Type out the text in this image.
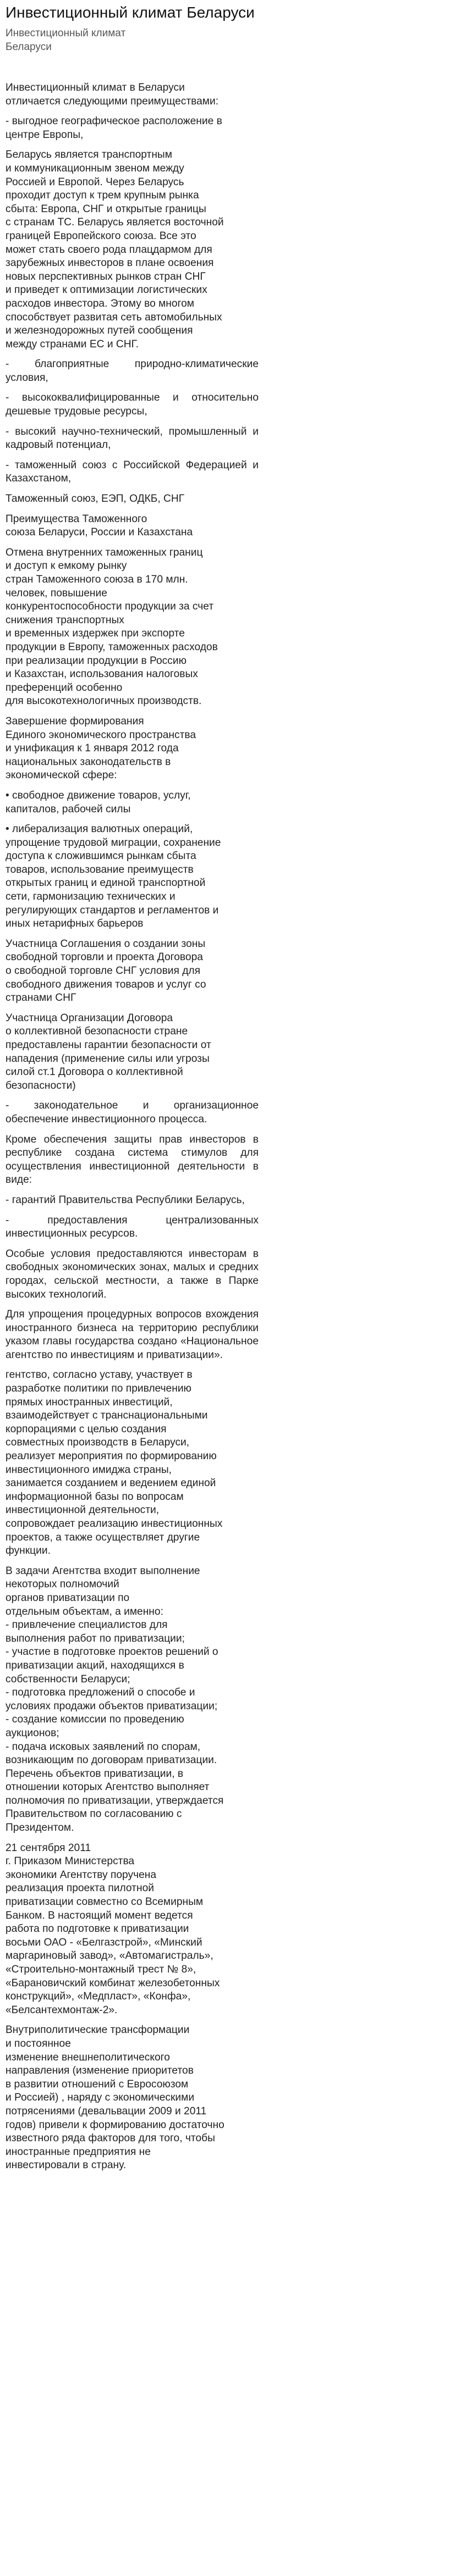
Инвестиционный климат Беларуси
Инвестиционный климат
Беларуси

Инвестиционный климат в Беларуси
отличается следующими преимуществами:

- выгодное географическое расположение в
центре Европы,

Беларусь является транспортным
и коммуникационным звеном между
Россией и Европой. Через Беларусь
проходит доступ к трем крупным рынка
сбыта: Европа, СНГ и открытые границы
с странам ТС. Беларусь является восточной
границей Европейского союза. Все это
может стать своего рода плацдармом для
зарубежных инвесторов в плане освоения
новых перспективных рынков стран СНГ
и приведет к оптимизации логистических
расходов инвестора. Этому во многом
способствует развитая сеть автомобильных
и железнодорожных путей сообщения
между странами ЕС и СНГ.

- благоприятные природно-климатические условия,

- высококвалифицированные и относительно дешевые трудовые ресурсы,

- высокий научно-технический, промышленный и кадровый потенциал,

- таможенный союз с Российской Федерацией и Казахстаном,

Таможенный союз, ЕЭП, ОДКБ, СНГ

Преимущества Таможенного
союза Беларуси, России и Казахстана

Отмена внутренних таможенных границ
и доступ к емкому рынку
стран Таможенного союза в 170 млн.
человек, повышение
конкурентоспособности продукции за счет
снижения транспортных
и временных издержек при экспорте
продукции в Европу, таможенных расходов
при реализации продукции в Россию
и Казахстан, использования налоговых
преференций особенно
для высокотехнологичных производств.

Завершение формирования
Единого экономического пространства
и унификация к 1 января 2012 года
национальных законодательств в
экономической сфере:

• свободное движение товаров, услуг,
капиталов, рабочей силы

• либерализация валютных операций,
упрощение трудовой миграции, сохранение
доступа к сложившимся рынкам сбыта
товаров, использование преимуществ
открытых границ и единой транспортной
сети, гармонизацию технических и
регулирующих стандартов и регламентов и
иных нетарифных барьеров

Участница Соглашения о создании зоны
свободной торговли и проекта Договора
о свободной торговле СНГ условия для
свободного движения товаров и услуг со
странами СНГ

Участница Организации Договора
о коллективной безопасности стране
предоставлены гарантии безопасности от
нападения (применение силы или угрозы
силой ст.1 Договора о коллективной
безопасности)

- законодательное и организационное обеспечение инвестиционного процесса.

Кроме обеспечения защиты прав инвесторов в республике создана система стимулов для осуществления инвестиционной деятельности в виде:

- гарантий Правительства Республики Беларусь,

- предоставления централизованных инвестиционных ресурсов.

Особые условия предоставляются инвесторам в свободных экономических зонах, малых и средних городах, сельской местности, а также в Парке высоких технологий.

Для упрощения процедурных вопросов вхождения иностранного бизнеса на территорию республики указом главы государства создано «Национальное агентство по инвестициям и приватизации».

гентство, согласно уставу, участвует в
разработке политики по привлечению
прямых иностранных инвестиций,
взаимодействует с транснациональными
корпорациями с целью создания
совместных производств в Беларуси,
реализует мероприятия по формированию
инвестиционного имиджа страны,
занимается созданием и ведением единой
информационной базы по вопросам
инвестиционной деятельности,
сопровождает реализацию инвестиционных
проектов, а также осуществляет другие
функции.

В задачи Агентства входит выполнение
некоторых полномочий
органов приватизации по
отдельным объектам, а именно:
- привлечение специалистов для
выполнения работ по приватизации;
- участие в подготовке проектов решений о
приватизации акций, находящихся в
собственности Беларуси;
- подготовка предложений о способе и
условиях продажи объектов приватизации;
- создание комиссии по проведению
аукционов;
- подача исковых заявлений по спорам,
возникающим по договорам приватизации.
Перечень объектов приватизации, в
отношении которых Агентство выполняет
полномочия по приватизации, утверждается
Правительством по согласованию с
Президентом.

21 сентября 2011
г. Приказом Министерства
экономики Агентству поручена
реализация проекта пилотной
приватизации совместно со Всемирным
Банком. В настоящий момент ведется
работа по подготовке к приватизации
восьми ОАО - «Белгазстрой», «Минский
маргариновый завод», «Автомагистраль»,
«Строительно-монтажный трест № 8»,
«Барановичский комбинат железобетонных
конструкций», «Медпласт», «Конфа»,
«Белсантехмонтаж-2».

Внутриполитические трансформации
и постоянное
изменение внешнеполитического
направления (изменение приоритетов
в развитии отношений с Евросоюзом
и Россией) , наряду с экономическими
потрясениями (девальвации 2009 и 2011
годов) привели к формированию достаточно
известного ряда факторов для того, чтобы
иностранные предприятия не
инвестировали в страну.
